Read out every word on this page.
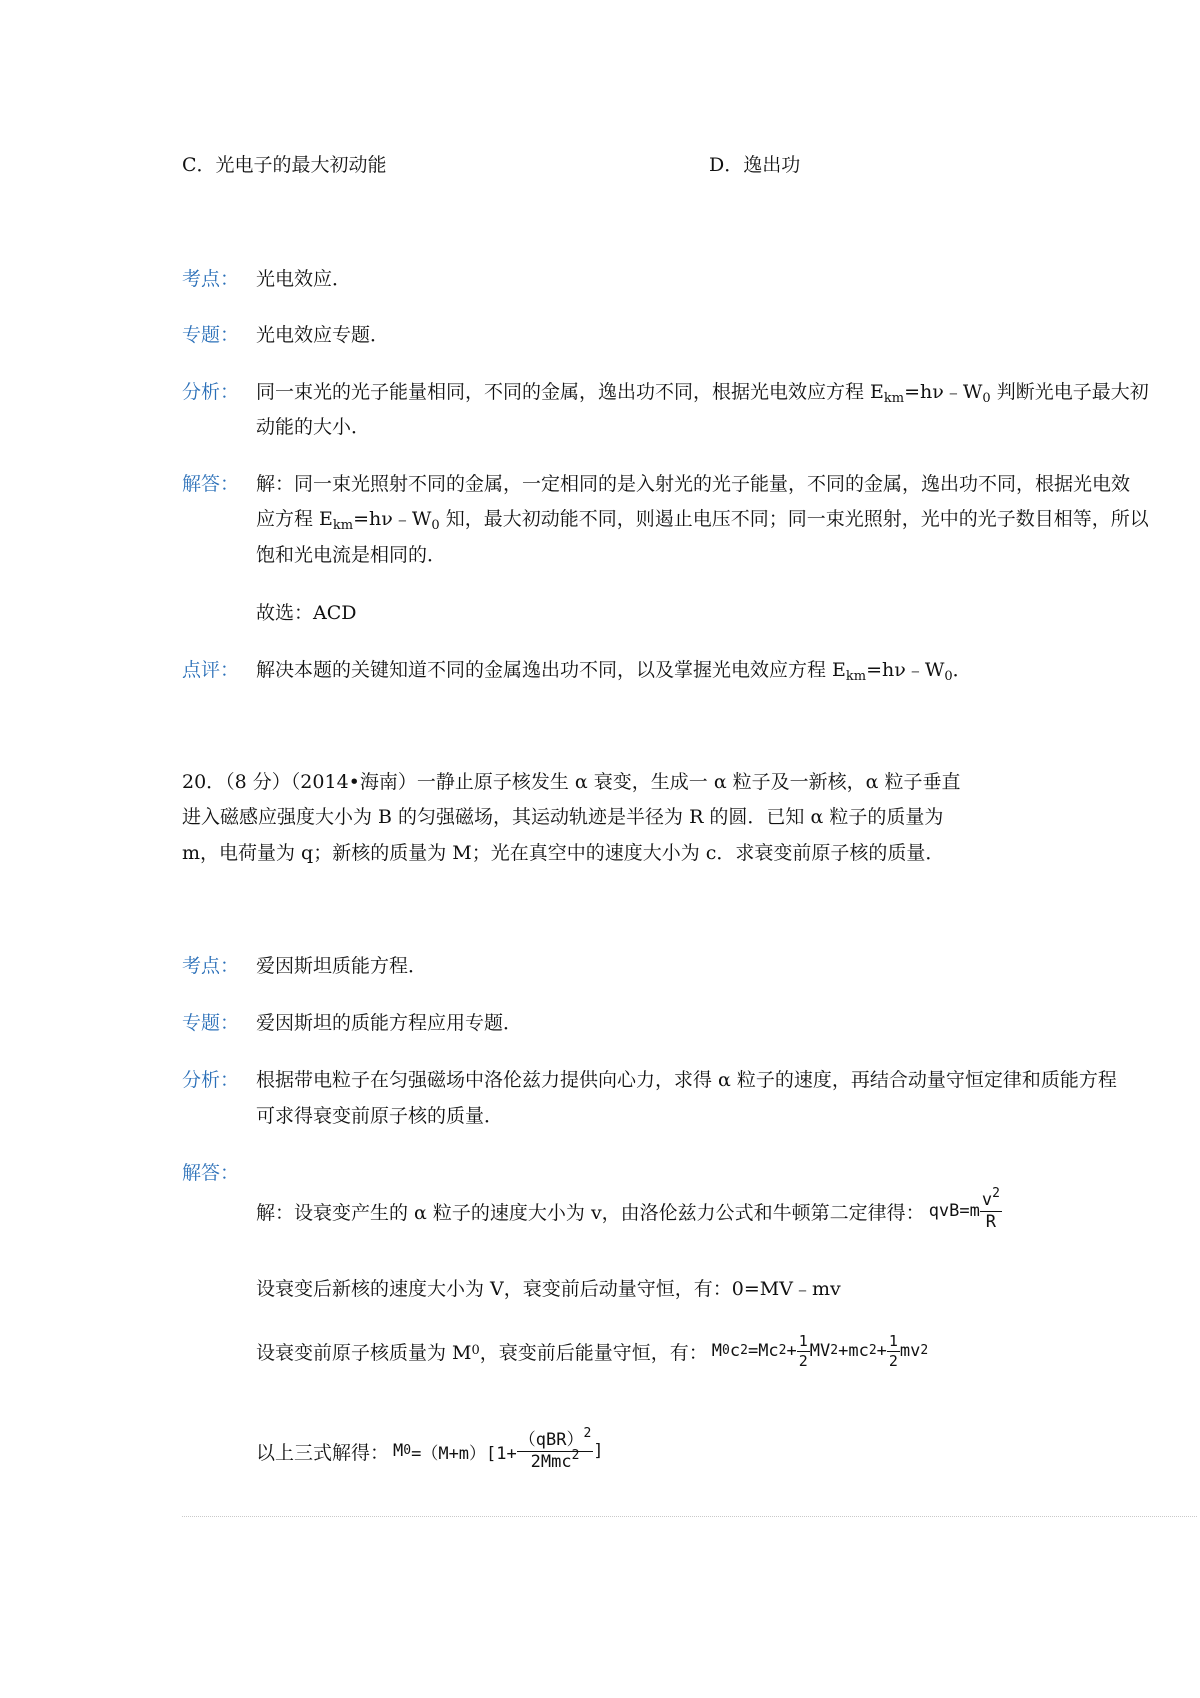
C．光电子的最大初动能	D．逸出功
考点： 光电效应．
专题： 光电效应专题．
分析： 同一束光的光子能量相同，不同的金属，逸出功不同，根据光电效应方程 $E_{km}=h\nu﹣W_0$ 判断光电子最大初
动能的大小．
解答： 解：同一束光照射不同的金属，一定相同的是入射光的光子能量，不同的金属，逸出功不同，根据光电效
应方程 $E_{km}=h\nu﹣W_0$ 知，最大初动能不同，则遏止电压不同；同一束光照射，光中的光子数目相等，所以
饱和光电流是相同的．
故选：ACD
点评： 解决本题的关键知道不同的金属逸出功不同，以及掌握光电效应方程 $E_{km}=h\nu﹣W_0$．
20．（8 分）（2014•海南）一静止原子核发生 α 衰变，生成一 α 粒子及一新核，α 粒子垂直
进入磁感应强度大小为 B 的匀强磁场，其运动轨迹是半径为 R 的圆．已知 α 粒子的质量为
m，电荷量为 q；新核的质量为 M；光在真空中的速度大小为 c．求衰变前原子核的质量．
考点： 爱因斯坦质能方程．
专题： 爱因斯坦的质能方程应用专题．
分析： 根据带电粒子在匀强磁场中洛伦兹力提供向心力，求得 α 粒子的速度，再结合动量守恒定律和质能方程
可求得衰变前原子核的质量．
解答：
解：设衰变产生的 α 粒子的速度大小为 v，由洛伦兹力公式和牛顿第二定律得： $qvB=m \frac{v^2}{R}$
设衰变后新核的速度大小为 V，衰变前后动量守恒，有：0=MV﹣mv
设衰变前原子核质量为 M 0 ，衰变前后能量守恒，有： M 0 c 2 =Mc $2 + \frac{1}{2}$ MV 2 +mc $2 + \frac{1}{2}$ mv 2
以上三式解得： M $0 =(M+m)[1+ \frac{(qBR)^2}{2Mmc^2}$ ]
